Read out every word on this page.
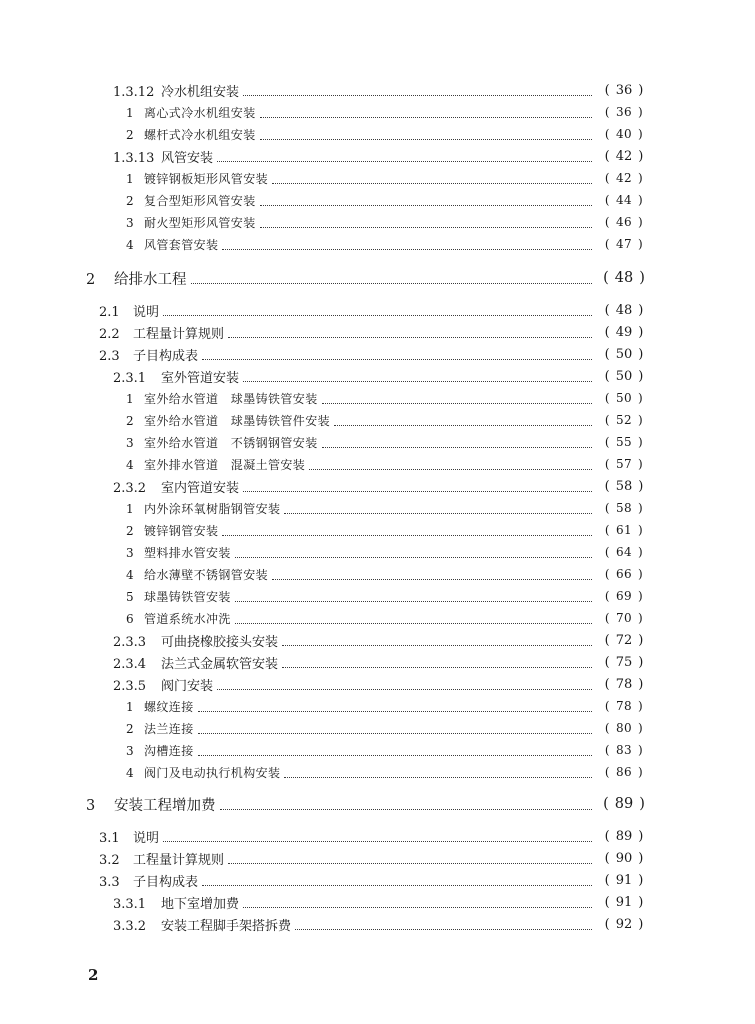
1.3.12 冷水机组安装	( 36 )
1 离心式冷水机组安装	( 36 )
2 螺杆式冷水机组安装	( 40 )
1.3.13 风管安装	( 42 )
1 镀锌钢板矩形风管安装	( 42 )
2 复合型矩形风管安装	( 44 )
3 耐火型矩形风管安装	( 46 )
4 风管套管安装	( 47 )
2 给排水工程	( 48 )
2.1 说明	( 48 )
2.2 工程量计算规则	( 49 )
2.3 子目构成表	( 50 )
2.3.1 室外管道安装	( 50 )
1 室外给水管道　球墨铸铁管安装	( 50 )
2 室外给水管道　球墨铸铁管件安装	( 52 )
3 室外给水管道　不锈钢钢管安装	( 55 )
4 室外排水管道　混凝土管安装	( 57 )
2.3.2 室内管道安装	( 58 )
1 内外涂环氧树脂钢管安装	( 58 )
2 镀锌钢管安装	( 61 )
3 塑料排水管安装	( 64 )
4 给水薄壁不锈钢管安装	( 66 )
5 球墨铸铁管安装	( 69 )
6 管道系统水冲洗	( 70 )
2.3.3 可曲挠橡胶接头安装	( 72 )
2.3.4 法兰式金属软管安装	( 75 )
2.3.5 阀门安装	( 78 )
1 螺纹连接	( 78 )
2 法兰连接	( 80 )
3 沟槽连接	( 83 )
4 阀门及电动执行机构安装	( 86 )
3 安装工程增加费	( 89 )
3.1 说明	( 89 )
3.2 工程量计算规则	( 90 )
3.3 子目构成表	( 91 )
3.3.1 地下室增加费	( 91 )
3.3.2 安装工程脚手架搭拆费	( 92 )
2
